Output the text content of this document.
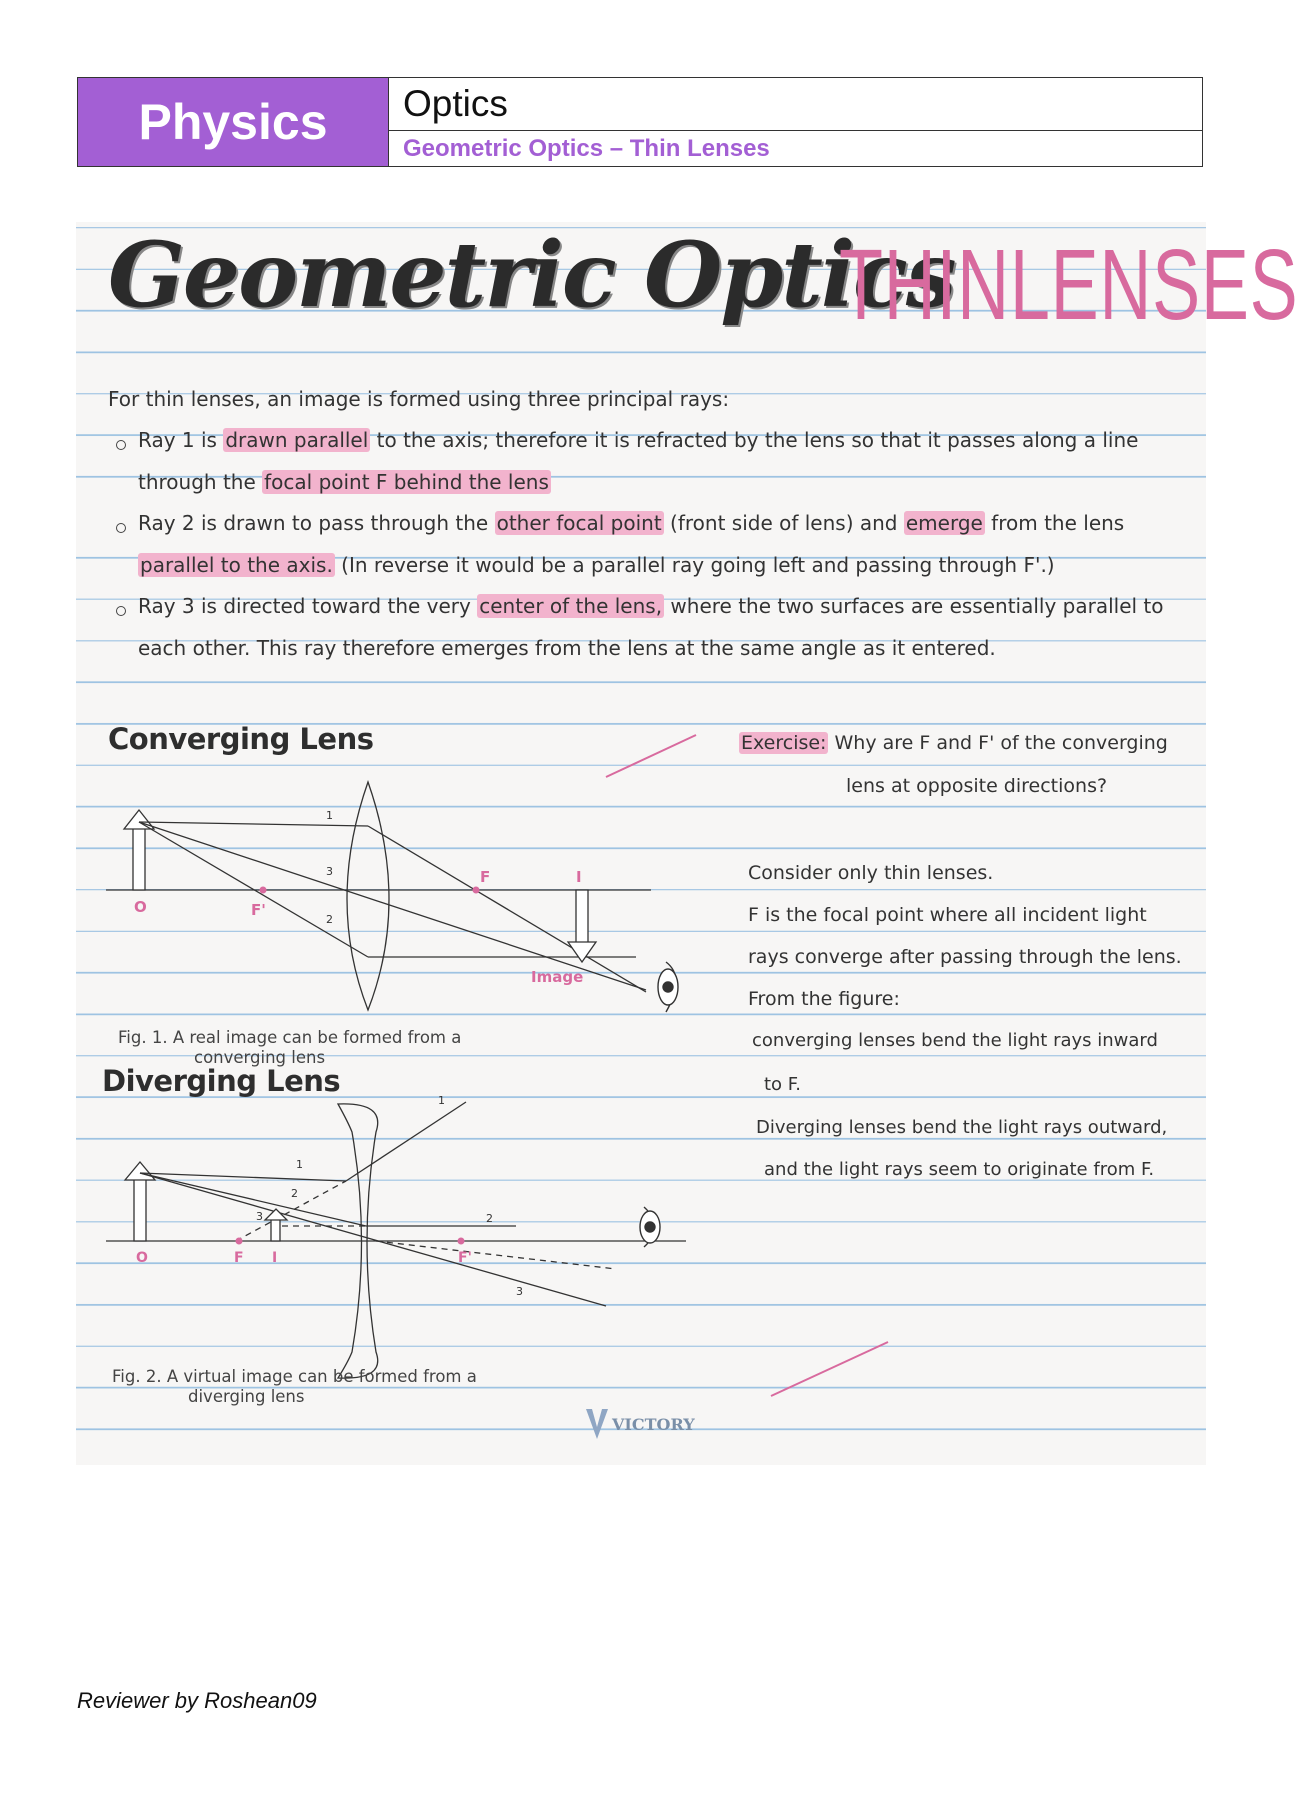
Physics	Optics
Geometric Optics – Thin Lenses
Geometric Optics
THINLENSES
For thin lenses, an image is formed using three principal rays:
Ray 1 is drawn parallel to the axis; therefore it is refracted by the lens so that it passes along a line
through the focal point F behind the lens
Ray 2 is drawn to pass through the other focal point (front side of lens) and emerge from the lens
parallel to the axis. (In reverse it would be a parallel ray going left and passing through F'.)
Ray 3 is directed toward the very center of the lens, where the two surfaces are essentially parallel to
each other. This ray therefore emerges from the lens at the same angle as it entered.
Converging Lens
1
3
2
O	F'
F	I
Image
1
2
2
3
3
1
O	F I	F'
Fig. 1. A real image can be formed from a
converging lens
Diverging Lens
Fig. 2. A virtual image can be formed from a
diverging lens
Exercise: Why are F and F' of the converging
lens at opposite directions?
Consider only thin lenses.
F is the focal point where all incident light
rays converge after passing through the lens.
From the figure:
converging lenses bend the light rays inward
to F.
Diverging lenses bend the light rays outward,
and the light rays seem to originate from F.
VICTORY
Reviewer by Roshean09
